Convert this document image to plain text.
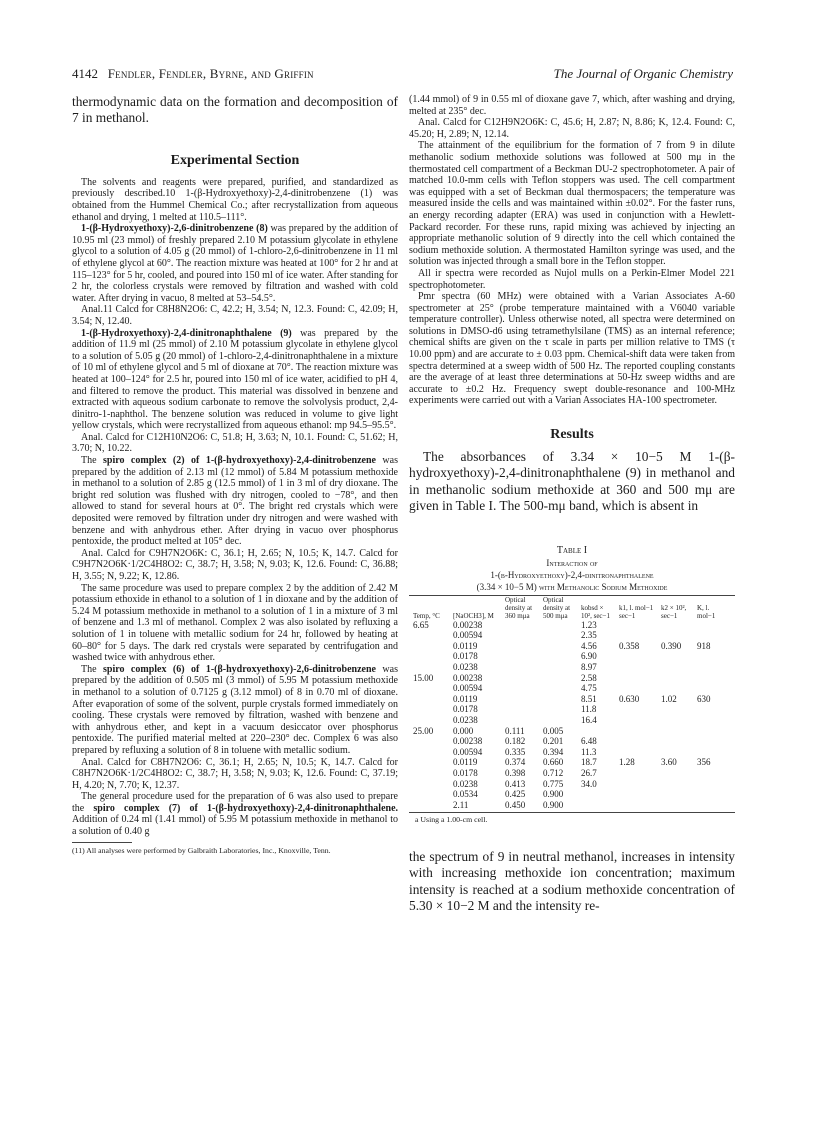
4142 Fendler, Fendler, Byrne, and Griffin	The Journal of Organic Chemistry

thermodynamic data on the formation and decomposition of 7 in methanol.

Experimental Section

The solvents and reagents were prepared, purified, and standardized as previously described.10 1-(β-Hydroxyethoxy)-2,4-dinitrobenzene (1) was obtained from the Hummel Chemical Co.; after recrystallization from aqueous ethanol and drying, 1 melted at 110.5–111°.

1-(β-Hydroxyethoxy)-2,6-dinitrobenzene (8) was prepared by the addition of 10.95 ml (23 mmol) of freshly prepared 2.10 M potassium glycolate in ethylene glycol to a solution of 4.05 g (20 mmol) of 1-chloro-2,6-dinitrobenzene in 11 ml of ethylene glycol at 60°. The reaction mixture was heated at 100° for 2 hr and at 115–123° for 5 hr, cooled, and poured into 150 ml of ice water. After standing for 2 hr, the colorless crystals were removed by filtration and washed with cold water. After drying in vacuo, 8 melted at 53–54.5°.

Anal.11 Calcd for C8H8N2O6: C, 42.2; H, 3.54; N, 12.3. Found: C, 42.09; H, 3.54; N, 12.40.

1-(β-Hydroxyethoxy)-2,4-dinitronaphthalene (9) was prepared by the addition of 11.9 ml (25 mmol) of 2.10 M potassium glycolate in ethylene glycol to a solution of 5.05 g (20 mmol) of 1-chloro-2,4-dinitronaphthalene in a mixture of 10 ml of ethylene glycol and 5 ml of dioxane at 70°. The reaction mixture was heated at 100–124° for 2.5 hr, poured into 150 ml of ice water, acidified to pH 4, and filtered to remove the product. This material was dissolved in benzene and extracted with aqueous sodium carbonate to remove the solvolysis product, 2,4-dinitro-1-naphthol. The benzene solution was reduced in volume to give light yellow crystals, which were recrystallized from aqueous ethanol: mp 94.5–95.5°.

Anal. Calcd for C12H10N2O6: C, 51.8; H, 3.63; N, 10.1. Found: C, 51.62; H, 3.70; N, 10.22.

The spiro complex (2) of 1-(β-hydroxyethoxy)-2,4-dinitrobenzene was prepared by the addition of 2.13 ml (12 mmol) of 5.84 M potassium methoxide in methanol to a solution of 2.85 g (12.5 mmol) of 1 in 3 ml of dry dioxane. The bright red solution was flushed with dry nitrogen, cooled to −78°, and then allowed to stand for several hours at 0°. The bright red crystals which were deposited were removed by filtration under dry nitrogen and were washed with benzene and with anhydrous ether. After drying in vacuo over phosphorus pentoxide, the product melted at 105° dec.

Anal. Calcd for C9H7N2O6K: C, 36.1; H, 2.65; N, 10.5; K, 14.7. Calcd for C9H7N2O6K·1/2C4H8O2: C, 38.7; H, 3.58; N, 9.03; K, 12.6. Found: C, 36.88; H, 3.55; N, 9.22; K, 12.86.

The same procedure was used to prepare complex 2 by the addition of 2.42 M potassium ethoxide in ethanol to a solution of 1 in dioxane and by the addition of 5.24 M potassium methoxide in methanol to a solution of 1 in a mixture of 3 ml of benzene and 1.3 ml of methanol. Complex 2 was also isolated by refluxing a solution of 1 in toluene with metallic sodium for 24 hr, followed by heating at 60–80° for 5 days. The dark red crystals were separated by centrifugation and washed twice with anhydrous ether.

The spiro complex (6) of 1-(β-hydroxyethoxy)-2,6-dinitrobenzene was prepared by the addition of 0.505 ml (3 mmol) of 5.95 M potassium methoxide in methanol to a solution of 0.7125 g (3.12 mmol) of 8 in 0.70 ml of dioxane. After evaporation of some of the solvent, purple crystals formed immediately on cooling. These crystals were removed by filtration, washed with benzene and with anhydrous ether, and kept in a vacuum desiccator over phosphorus pentoxide. The purified material melted at 220–230° dec. Complex 6 was also prepared by refluxing a solution of 8 in toluene with metallic sodium.

Anal. Calcd for C8H7N2O6: C, 36.1; H, 2.65; N, 10.5; K, 14.7. Calcd for C8H7N2O6K·1/2C4H8O2: C, 38.7; H, 3.58; N, 9.03; K, 12.6. Found: C, 37.19; H, 4.20; N, 7.70; K, 12.37.

The general procedure used for the preparation of 6 was also used to prepare the spiro complex (7) of 1-(β-hydroxyethoxy)-2,4-dinitronaphthalene. Addition of 0.24 ml (1.41 mmol) of 5.95 M potassium methoxide in methanol to a solution of 0.40 g

(11) All analyses were performed by Galbraith Laboratories, Inc., Knoxville, Tenn.

(1.44 mmol) of 9 in 0.55 ml of dioxane gave 7, which, after washing and drying, melted at 235° dec.

Anal. Calcd for C12H9N2O6K: C, 45.6; H, 2.87; N, 8.86; K, 12.4. Found: C, 45.20; H, 2.89; N, 12.14.

The attainment of the equilibrium for the formation of 7 from 9 in dilute methanolic sodium methoxide solutions was followed at 500 mμ in the thermostated cell compartment of a Beckman DU-2 spectrophotometer. A pair of matched 10.0-mm cells with Teflon stoppers was used. The cell compartment was equipped with a set of Beckman dual thermospacers; the temperature was measured inside the cells and was maintained within ±0.02°. For the faster runs, an energy recording adapter (ERA) was used in conjunction with a Hewlett-Packard recorder. For these runs, rapid mixing was achieved by injecting an appropriate methanolic solution of 9 directly into the cell which contained the sodium methoxide solution. A thermostated Hamilton syringe was used, and the solution was injected through a small bore in the Teflon stopper.

All ir spectra were recorded as Nujol mulls on a Perkin-Elmer Model 221 spectrophotometer.

Pmr spectra (60 MHz) were obtained with a Varian Associates A-60 spectrometer at 25° (probe temperature maintained with a V6040 variable temperature controller). Unless otherwise noted, all spectra were determined on solutions in DMSO-d6 using tetramethylsilane (TMS) as an internal reference; chemical shifts are given on the τ scale in parts per million relative to TMS (τ 10.00 ppm) and are accurate to ± 0.03 ppm. Chemical-shift data were taken from spectra determined at a sweep width of 500 Hz. The reported coupling constants are the average of at least three determinations at 50-Hz sweep widths and are accurate to ±0.2 Hz. Frequency swept double-resonance and 100-MHz experiments were carried out with a Varian Associates HA-100 spectrometer.

Results

The absorbances of 3.34 × 10−5 M 1-(β-hydroxyethoxy)-2,4-dinitronaphthalene (9) in methanol and in methanolic sodium methoxide at 360 and 500 mμ are given in Table I. The 500-mμ band, which is absent in

Table I
Interaction of
1-(β-Hydroxyethoxy)-2,4-dinitronaphthalene
(3.34 × 10−5 M) with Methanolic Sodium Methoxide
Temp, °C	[NaOCH3], M	Optical density at 360 mμa	Optical density at 500 mμa	kobsd × 10², sec−1	k1, l. mol−1 sec−1	k2 × 10², sec−1	K, l. mol−1
6.65	0.00238			1.23			
	0.00594			2.35			
	0.0119			4.56	0.358	0.390	918
	0.0178			6.90			
	0.0238			8.97			
15.00	0.00238			2.58			
	0.00594			4.75			
	0.0119			8.51	0.630	1.02	630
	0.0178			11.8			
	0.0238			16.4			
25.00	0.000	0.111	0.005				
	0.00238	0.182	0.201	6.48			
	0.00594	0.335	0.394	11.3			
	0.0119	0.374	0.660	18.7	1.28	3.60	356
	0.0178	0.398	0.712	26.7			
	0.0238	0.413	0.775	34.0			
	0.0534	0.425	0.900				
	2.11	0.450	0.900				

a Using a 1.00-cm cell.

the spectrum of 9 in neutral methanol, increases in intensity with increasing methoxide ion concentration; maximum intensity is reached at a sodium methoxide concentration of 5.30 × 10−2 M and the intensity re-
